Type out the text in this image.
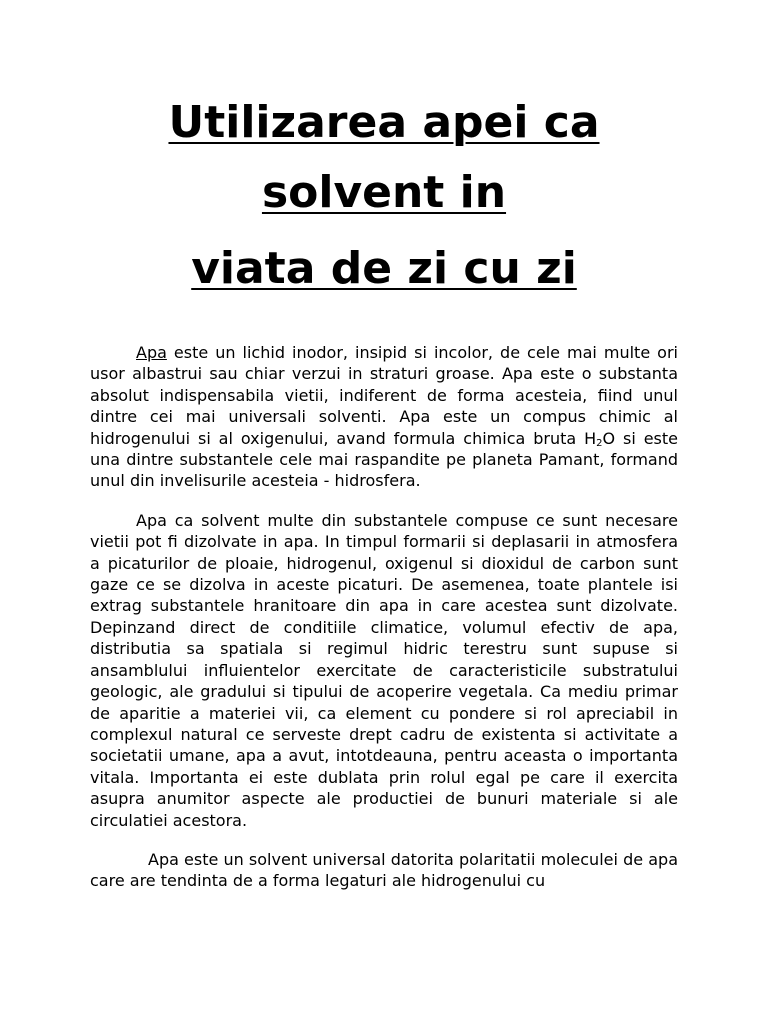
Utilizarea apei ca
solvent in
viata de zi cu zi

Apa este un lichid inodor, insipid si incolor, de cele mai multe ori usor albastrui sau chiar verzui in straturi groase. Apa este o substanta absolut indispensabila vietii, indiferent de forma acesteia, fiind unul dintre cei mai universali solventi. Apa este un compus chimic al hidrogenului si al oxigenului, avand formula chimica bruta $H_2O$ si este una dintre substantele cele mai raspandite pe planeta Pamant, formand unul din invelisurile acesteia - hidrosfera.

Apa ca solvent multe din substantele compuse ce sunt necesare vietii pot fi dizolvate in apa. In timpul formarii si deplasarii in atmosfera a picaturilor de ploaie, hidrogenul, oxigenul si dioxidul de carbon sunt gaze ce se dizolva in aceste picaturi. De asemenea, toate plantele isi extrag substantele hranitoare din apa in care acestea sunt dizolvate. Depinzand direct de conditiile climatice, volumul efectiv de apa, distributia sa spatiala si regimul hidric terestru sunt supuse si ansamblului influientelor exercitate de caracteristicile substratului geologic, ale gradului si tipului de acoperire vegetala. Ca mediu primar de aparitie a materiei vii, ca element cu pondere si rol apreciabil in complexul natural ce serveste drept cadru de existenta si activitate a societatii umane, apa a avut, intotdeauna, pentru aceasta o importanta vitala. Importanta ei este dublata prin rolul egal pe care il exercita asupra anumitor aspecte ale productiei de bunuri materiale si ale circulatiei acestora.

Apa este un solvent universal datorita polaritatii moleculei de apa care are tendinta de a forma legaturi ale hidrogenului cu
